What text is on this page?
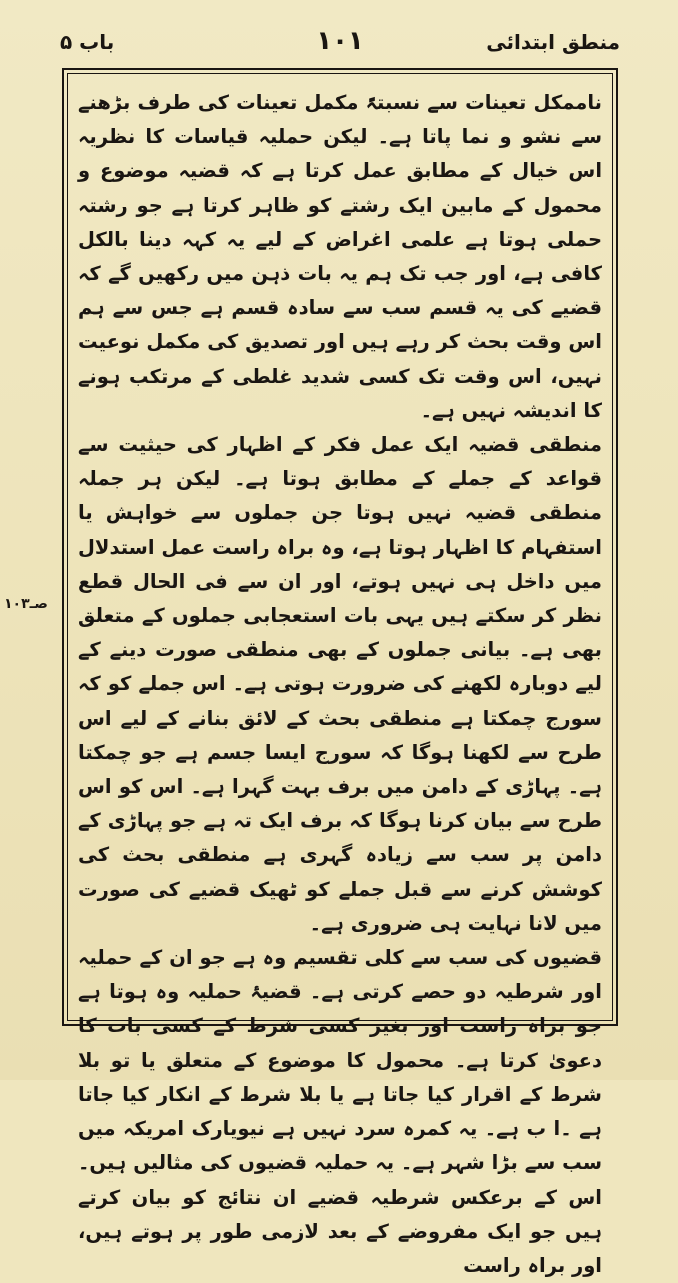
منطق ابتدائی
۱۰۱
باب ۵

ناممکل تعینات سے نسبتہً مکمل تعینات کی طرف بڑھنے سے نشو و نما پاتا ہے۔ لیکن حملیہ قیاسات کا نظریہ اس خیال کے مطابق عمل کرتا ہے کہ قضیہ موضوع و محمول کے مابین ایک رشتے کو ظاہر کرتا ہے جو رشتہ حملی ہوتا ہے علمی اغراض کے لیے یہ کہہ دینا بالکل کافی ہے، اور جب تک ہم یہ بات ذہن میں رکھیں گے کہ قضیے کی یہ قسم سب سے سادہ قسم ہے جس سے ہم اس وقت بحث کر رہے ہیں اور تصدیق کی مکمل نوعیت نہیں، اس وقت تک کسی شدید غلطی کے مرتکب ہونے کا اندیشہ نہیں ہے۔

منطقی قضیہ ایک عمل فکر کے اظہار کی حیثیت سے قواعد کے جملے کے مطابق ہوتا ہے۔ لیکن ہر جملہ منطقی قضیہ نہیں ہوتا جن جملوں سے خواہش یا استفہام کا اظہار ہوتا ہے، وہ براہ راست عمل استدلال میں داخل ہی نہیں ہوتے، اور ان سے فی الحال قطع نظر کر سکتے ہیں یہی بات استعجابی جملوں کے متعلق بھی ہے۔ بیانی جملوں کے بھی منطقی صورت دینے کے لیے دوبارہ لکھنے کی ضرورت ہوتی ہے۔ اس جملے کو کہ سورج چمکتا ہے منطقی بحث کے لائق بنانے کے لیے اس طرح سے لکھنا ہوگا کہ سورج ایسا جسم ہے جو چمکتا ہے۔ پہاڑی کے دامن میں برف بہت گہرا ہے۔ اس کو اس طرح سے بیان کرنا ہوگا کہ برف ایک تہ ہے جو پہاڑی کے دامن پر سب سے زیادہ گہری ہے منطقی بحث کی کوشش کرنے سے قبل جملے کو ٹھیک قضیے کی صورت میں لانا نہایت ہی ضروری ہے۔

قضیوں کی سب سے کلی تقسیم وہ ہے جو ان کے حملیہ اور شرطیہ دو حصے کرتی ہے۔ قضیۂ حملیہ وہ ہوتا ہے جو براہ راست اور بغیر کسی شرط کے کسی بات کا دعویٰ کرتا ہے۔ محمول کا موضوع کے متعلق یا تو بلا شرط کے اقرار کیا جاتا ہے یا بلا شرط کے انکار کیا جاتا ہے ۔ا ب ہے۔ یہ کمرہ سرد نہیں ہے نیویارک امریکہ میں سب سے بڑا شہر ہے۔ یہ حملیہ قضیوں کی مثالیں ہیں۔ اس کے برعکس شرطیہ قضیے ان نتائج کو بیان کرتے ہیں جو ایک مفروضے کے بعد لازمی طور پر ہوتے ہیں، اور براہ راست

صـ۱۰۳
